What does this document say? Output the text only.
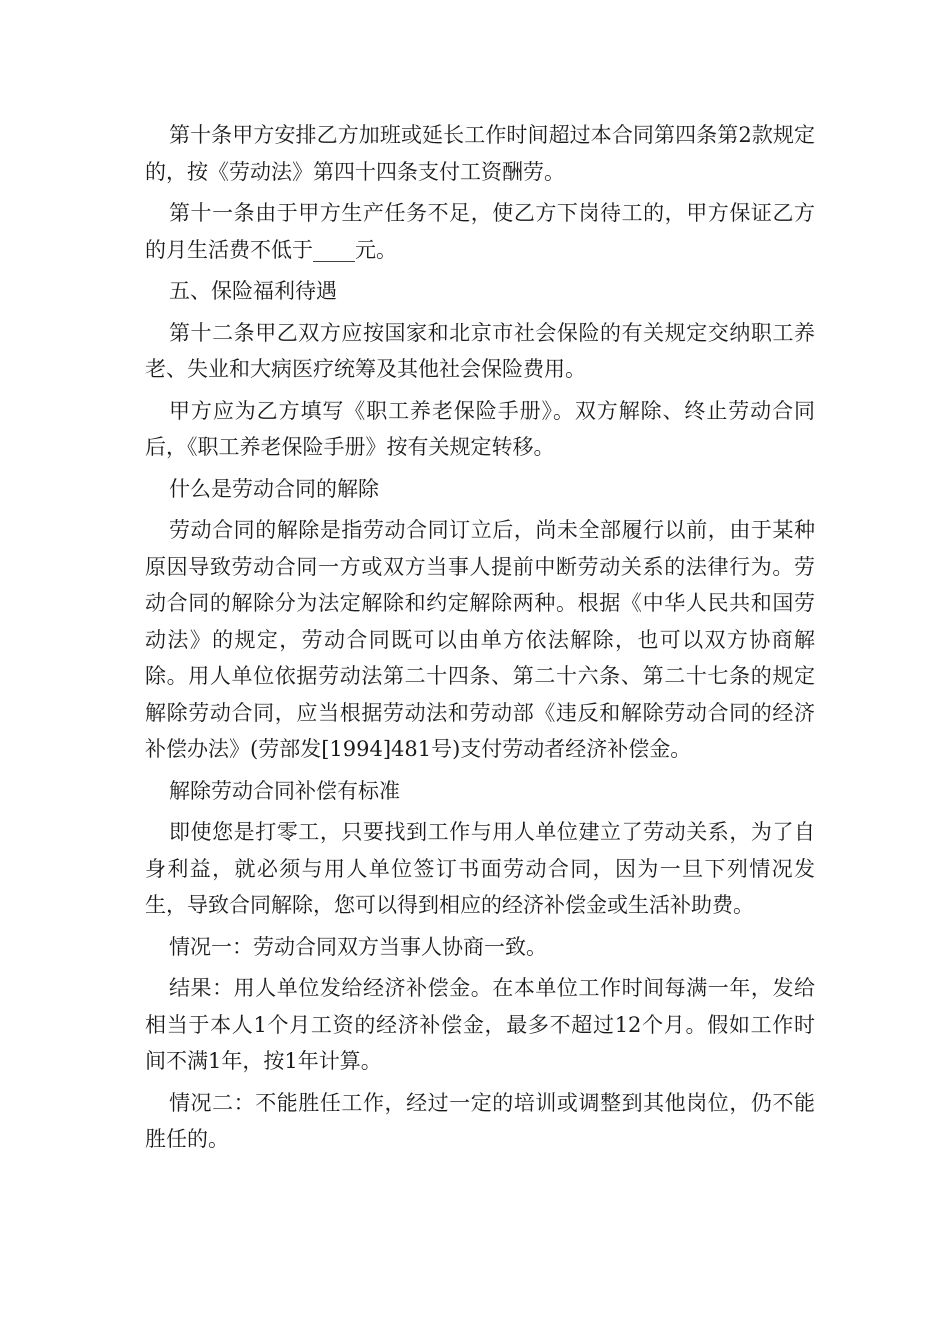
第十条甲方安排乙方加班或延长工作时间超过本合同第四条第2款规定的，按《劳动法》第四十四条支付工资酬劳。

第十一条由于甲方生产任务不足，使乙方下岗待工的，甲方保证乙方的月生活费不低于____元。

五、保险福利待遇

第十二条甲乙双方应按国家和北京市社会保险的有关规定交纳职工养老、失业和大病医疗统筹及其他社会保险费用。

甲方应为乙方填写《职工养老保险手册》。双方解除、终止劳动合同后，《职工养老保险手册》按有关规定转移。

什么是劳动合同的解除

劳动合同的解除是指劳动合同订立后，尚未全部履行以前，由于某种原因导致劳动合同一方或双方当事人提前中断劳动关系的法律行为。劳动合同的解除分为法定解除和约定解除两种。根据《中华人民共和国劳动法》的规定，劳动合同既可以由单方依法解除，也可以双方协商解除。用人单位依据劳动法第二十四条、第二十六条、第二十七条的规定解除劳动合同，应当根据劳动法和劳动部《违反和解除劳动合同的经济补偿办法》(劳部发[1994]481号)支付劳动者经济补偿金。

解除劳动合同补偿有标准

即使您是打零工，只要找到工作与用人单位建立了劳动关系，为了自身利益，就必须与用人单位签订书面劳动合同，因为一旦下列情况发生，导致合同解除，您可以得到相应的经济补偿金或生活补助费。

情况一：劳动合同双方当事人协商一致。

结果：用人单位发给经济补偿金。在本单位工作时间每满一年，发给相当于本人1个月工资的经济补偿金，最多不超过12个月。假如工作时间不满1年，按1年计算。

情况二：不能胜任工作，经过一定的培训或调整到其他岗位，仍不能胜任的。
